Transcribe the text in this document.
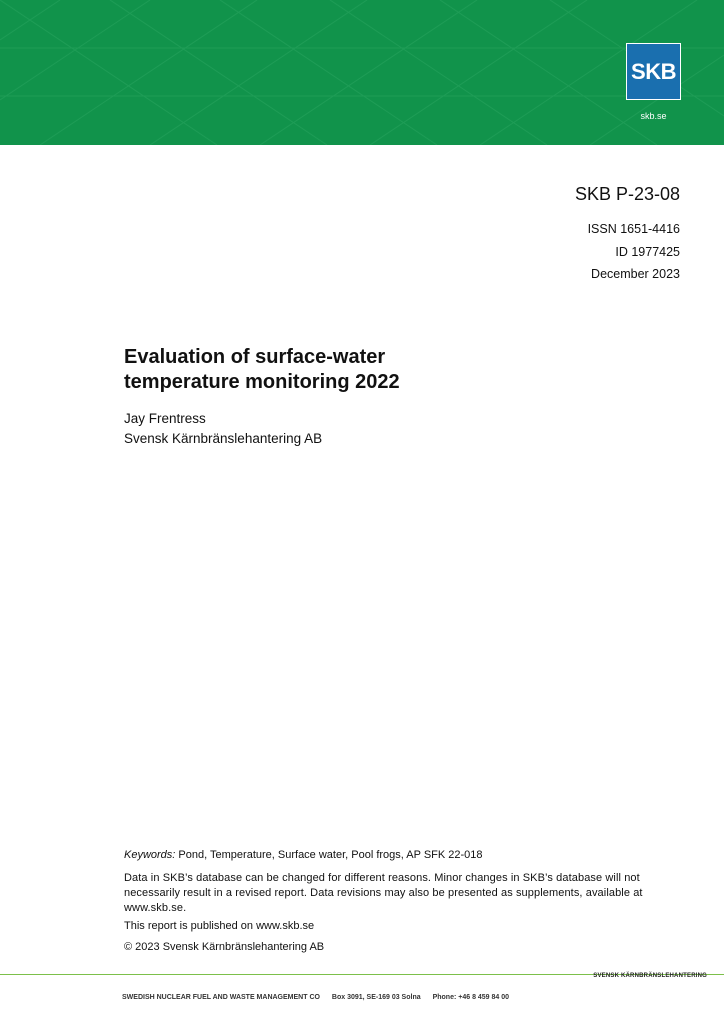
SKB
skb.se
SKB P-23-08
ISSN 1651-4416
ID 1977425
December 2023
Evaluation of surface-water
temperature monitoring 2022
Jay Frentress
Svensk Kärnbränslehantering AB
Keywords: Pond, Temperature, Surface water, Pool frogs, AP SFK 22-018
Data in SKB’s database can be changed for different reasons. Minor changes in SKB’s database will not necessarily result in a revised report. Data revisions may also be presented as supplements, available at www.skb.se.
This report is published on www.skb.se
© 2023 Svensk Kärnbränslehantering AB
SVENSK KÄRNBRÄNSLEHANTERING
SWEDISH NUCLEAR FUEL AND WASTE MANAGEMENT CO Box 3091, SE-169 03 Solna Phone: +46 8 459 84 00
